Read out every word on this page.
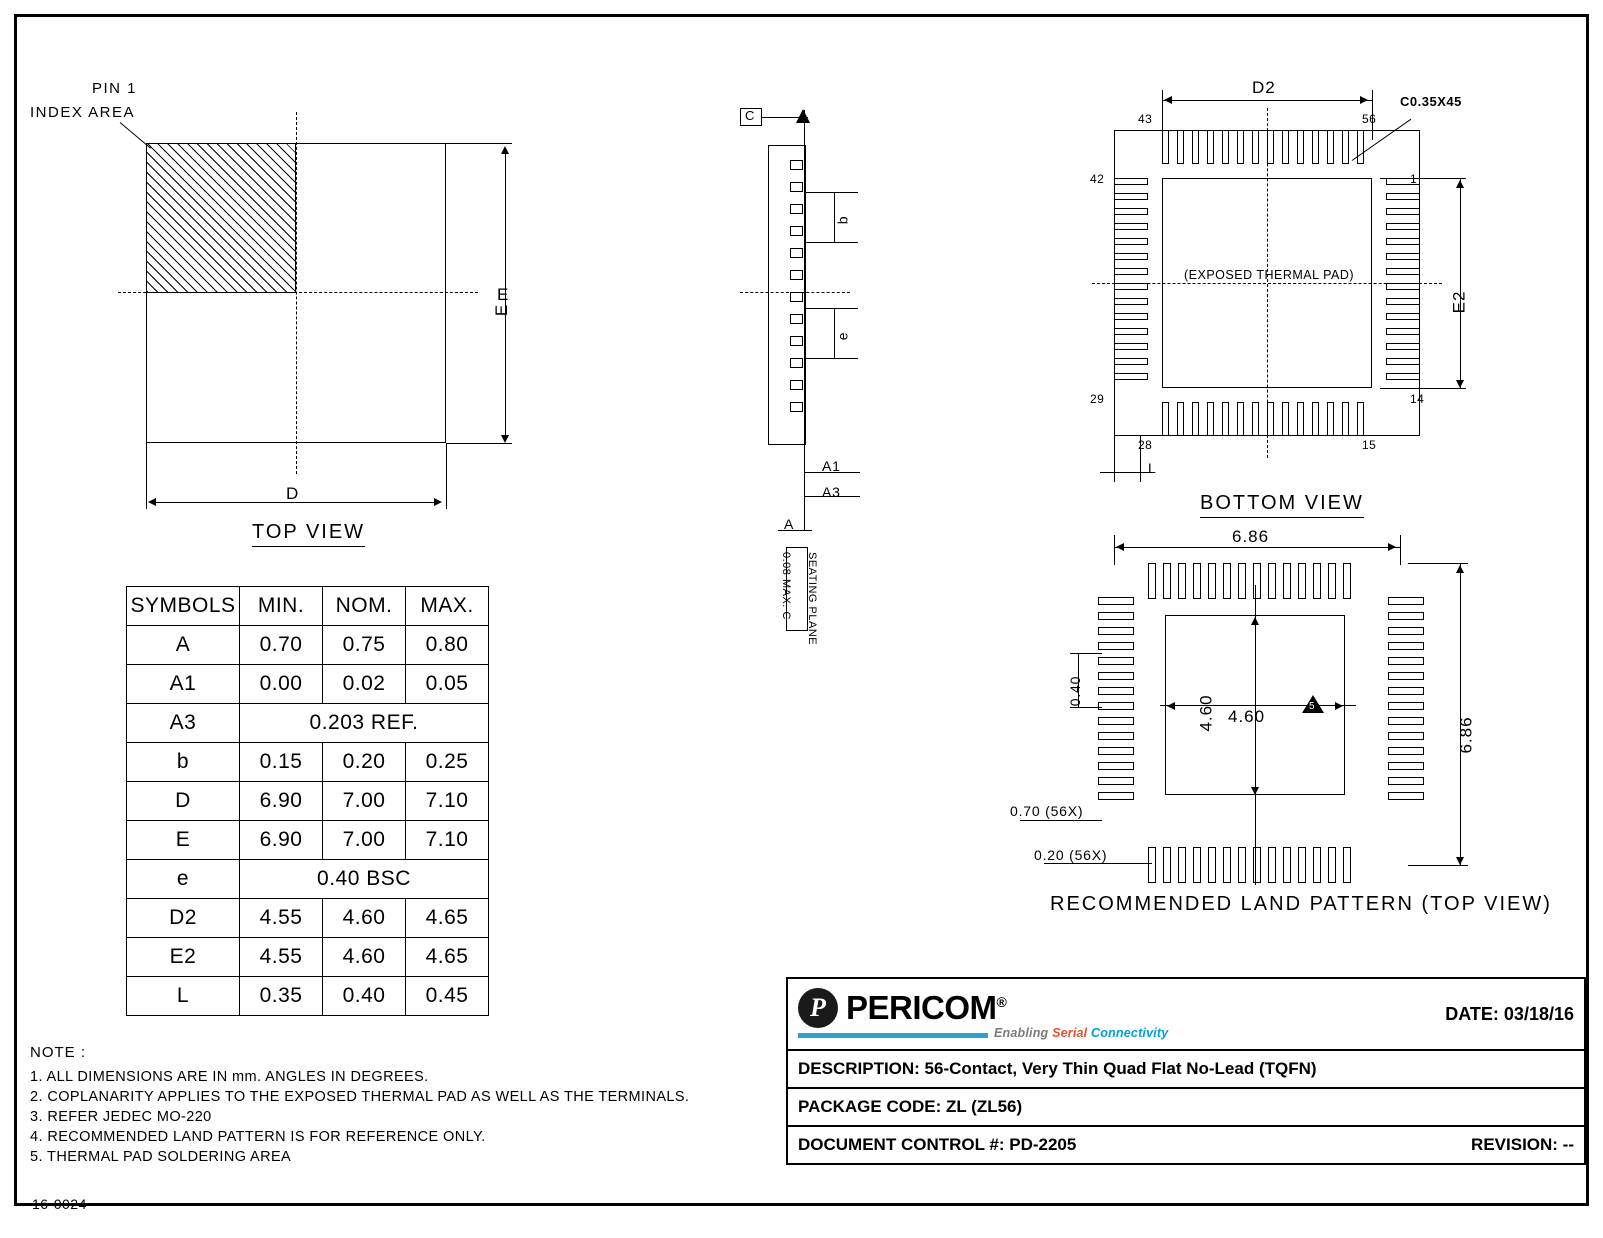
PIN 1
INDEX AREA
E
D
TOP VIEW
E
C
b
e
A1
A3
A
0.08 MAX. C SEATING PLANE
(EXPOSED THERMAL PAD)
D2
E2
C0.35X45
L
43	56
42	1
29	14
28	15
BOTTOM VIEW
6.86
6.86
4.60 4.60
5
0.40
0.70 (56X)
0.20 (56X)
RECOMMENDED LAND PATTERN (TOP VIEW)
SYMBOLS	MIN.	NOM.	MAX.
A	0.70	0.75	0.80
A1	0.00	0.02	0.05
A3	0.203 REF.		
b	0.15	0.20	0.25
D	6.90	7.00	7.10
E	6.90	7.00	7.10
e	0.40 BSC		
D2	4.55	4.60	4.65
E2	4.55	4.60	4.65
L	0.35	0.40	0.45
NOTE :
1. ALL DIMENSIONS ARE IN mm. ANGLES IN DEGREES.
2. COPLANARITY APPLIES TO THE EXPOSED THERMAL PAD AS WELL AS THE TERMINALS.
3. REFER JEDEC MO-220
4. RECOMMENDED LAND PATTERN IS FOR REFERENCE ONLY.
5. THERMAL PAD SOLDERING AREA
16-0024
P PERICOM®
Enabling Serial Connectivity
DATE: 03/18/16
DESCRIPTION: 56-Contact, Very Thin Quad Flat No-Lead (TQFN)
PACKAGE CODE: ZL (ZL56)
DOCUMENT CONTROL #: PD-2205	REVISION: --
